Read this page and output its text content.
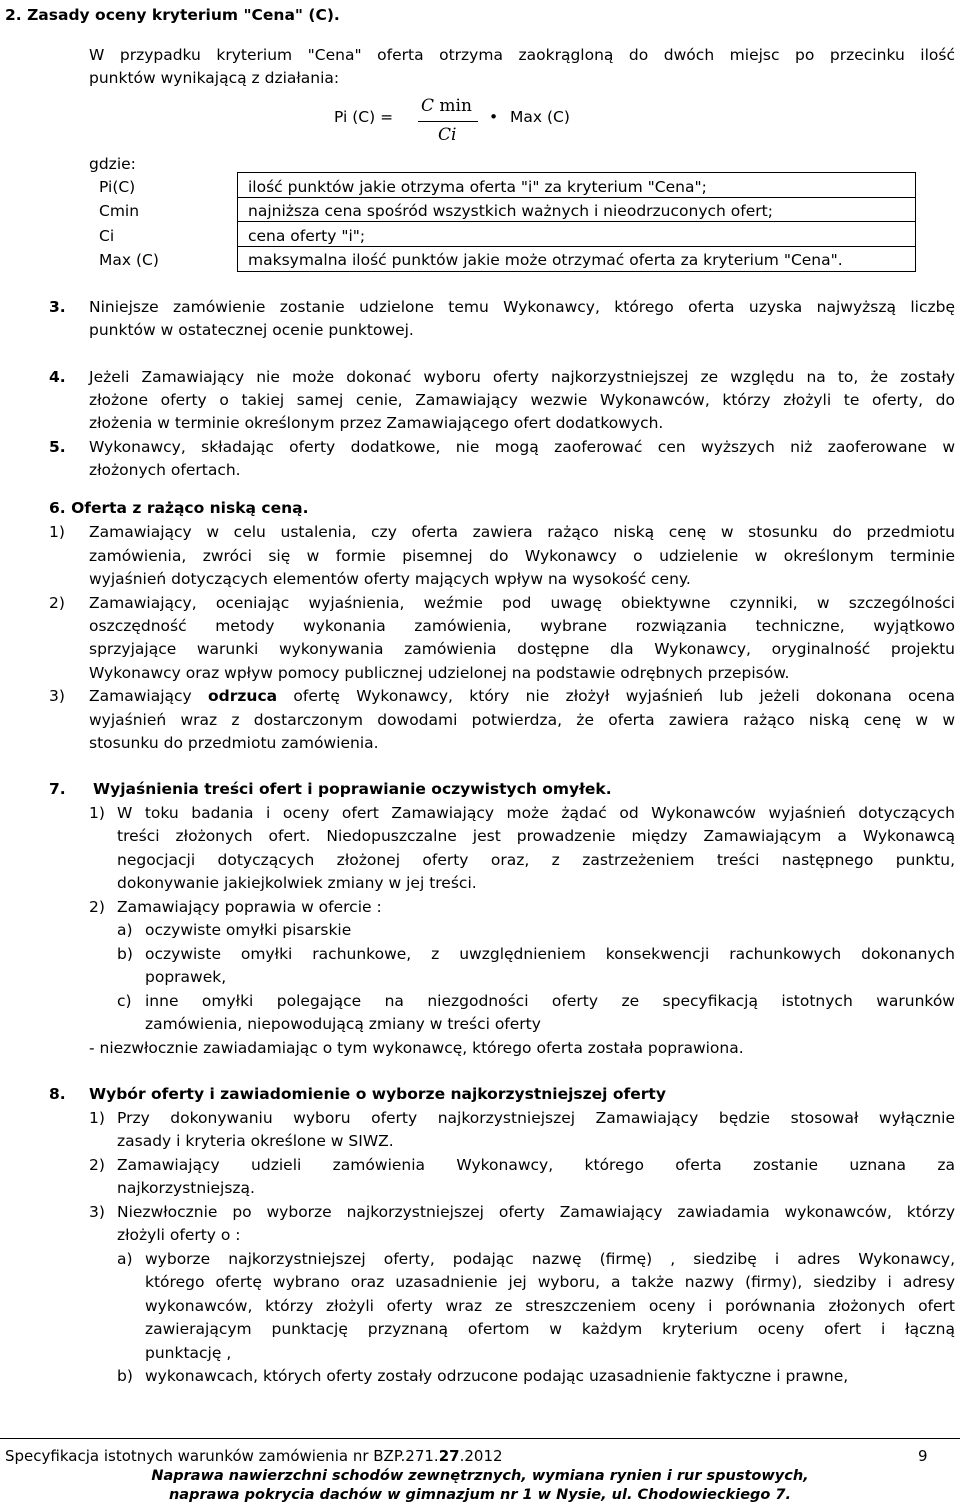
2. Zasady oceny kryterium "Cena" (C).
W przypadku kryterium "Cena" oferta otrzyma zaokrągloną do dwóch miejsc po przecinku ilość
punktów wynikającą z działania:
Pi (C) =
C min
Ci
• Max (C)
gdzie:
Pi(C)
Cmin
Ci
Max (C)
ilość punktów jakie otrzyma oferta "i" za kryterium "Cena";
najniższa cena spośród wszystkich ważnych i nieodrzuconych ofert;
cena oferty "i";
maksymalna ilość punktów jakie może otrzymać oferta za kryterium "Cena".
3. Niniejsze zamówienie zostanie udzielone temu Wykonawcy, którego oferta uzyska najwyższą liczbę
punktów w ostatecznej ocenie punktowej.
4. Jeżeli Zamawiający nie może dokonać wyboru oferty najkorzystniejszej ze względu na to, że zostały
złożone oferty o takiej samej cenie, Zamawiający wezwie Wykonawców, którzy złożyli te oferty, do
złożenia w terminie określonym przez Zamawiającego ofert dodatkowych.
5. Wykonawcy, składając oferty dodatkowe, nie mogą zaoferować cen wyższych niż zaoferowane w
złożonych ofertach.
6. Oferta z rażąco niską ceną.
1) Zamawiający w celu ustalenia, czy oferta zawiera rażąco niską cenę w stosunku do przedmiotu
zamówienia, zwróci się w formie pisemnej do Wykonawcy o udzielenie w określonym terminie
wyjaśnień dotyczących elementów oferty mających wpływ na wysokość ceny.
2) Zamawiający, oceniając wyjaśnienia, weźmie pod uwagę obiektywne czynniki, w szczególności
oszczędność metody wykonania zamówienia, wybrane rozwiązania techniczne, wyjątkowo
sprzyjające warunki wykonywania zamówienia dostępne dla Wykonawcy, oryginalność projektu
Wykonawcy oraz wpływ pomocy publicznej udzielonej na podstawie odrębnych przepisów.
3) Zamawiający odrzuca ofertę Wykonawcy, który nie złożył wyjaśnień lub jeżeli dokonana ocena
wyjaśnień wraz z dostarczonym dowodami potwierdza, że oferta zawiera rażąco niską cenę w w
stosunku do przedmiotu zamówienia.
7. Wyjaśnienia treści ofert i poprawianie oczywistych omyłek.
1) W toku badania i oceny ofert Zamawiający może żądać od Wykonawców wyjaśnień dotyczących
treści złożonych ofert. Niedopuszczalne jest prowadzenie między Zamawiającym a Wykonawcą
negocjacji dotyczących złożonej oferty oraz, z zastrzeżeniem treści następnego punktu,
dokonywanie jakiejkolwiek zmiany w jej treści.
2) Zamawiający poprawia w ofercie :
a) oczywiste omyłki pisarskie
b) oczywiste omyłki rachunkowe, z uwzględnieniem konsekwencji rachunkowych dokonanych
poprawek,
c) inne omyłki polegające na niezgodności oferty ze specyfikacją istotnych warunków
zamówienia, niepowodującą zmiany w treści oferty
- niezwłocznie zawiadamiając o tym wykonawcę, którego oferta została poprawiona.
8. Wybór oferty i zawiadomienie o wyborze najkorzystniejszej oferty
1) Przy dokonywaniu wyboru oferty najkorzystniejszej Zamawiający będzie stosował wyłącznie
zasady i kryteria określone w SIWZ.
2) Zamawiający udzieli zamówienia Wykonawcy, którego oferta zostanie uznana za
najkorzystniejszą.
3) Niezwłocznie po wyborze najkorzystniejszej oferty Zamawiający zawiadamia wykonawców, którzy
złożyli oferty o :
a) wyborze najkorzystniejszej oferty, podając nazwę (firmę) , siedzibę i adres Wykonawcy,
którego ofertę wybrano oraz uzasadnienie jej wyboru, a także nazwy (firmy), siedziby i adresy
wykonawców, którzy złożyli oferty wraz ze streszczeniem oceny i porównania złożonych ofert
zawierającym punktację przyznaną ofertom w każdym kryterium oceny ofert i łączną
punktację ,
b) wykonawcach, których oferty zostały odrzucone podając uzasadnienie faktyczne i prawne,
Specyfikacja istotnych warunków zamówienia nr BZP.271.27.2012	9
Naprawa nawierzchni schodów zewnętrznych, wymiana rynien i rur spustowych,
naprawa pokrycia dachów w gimnazjum nr 1 w Nysie, ul. Chodowieckiego 7.
